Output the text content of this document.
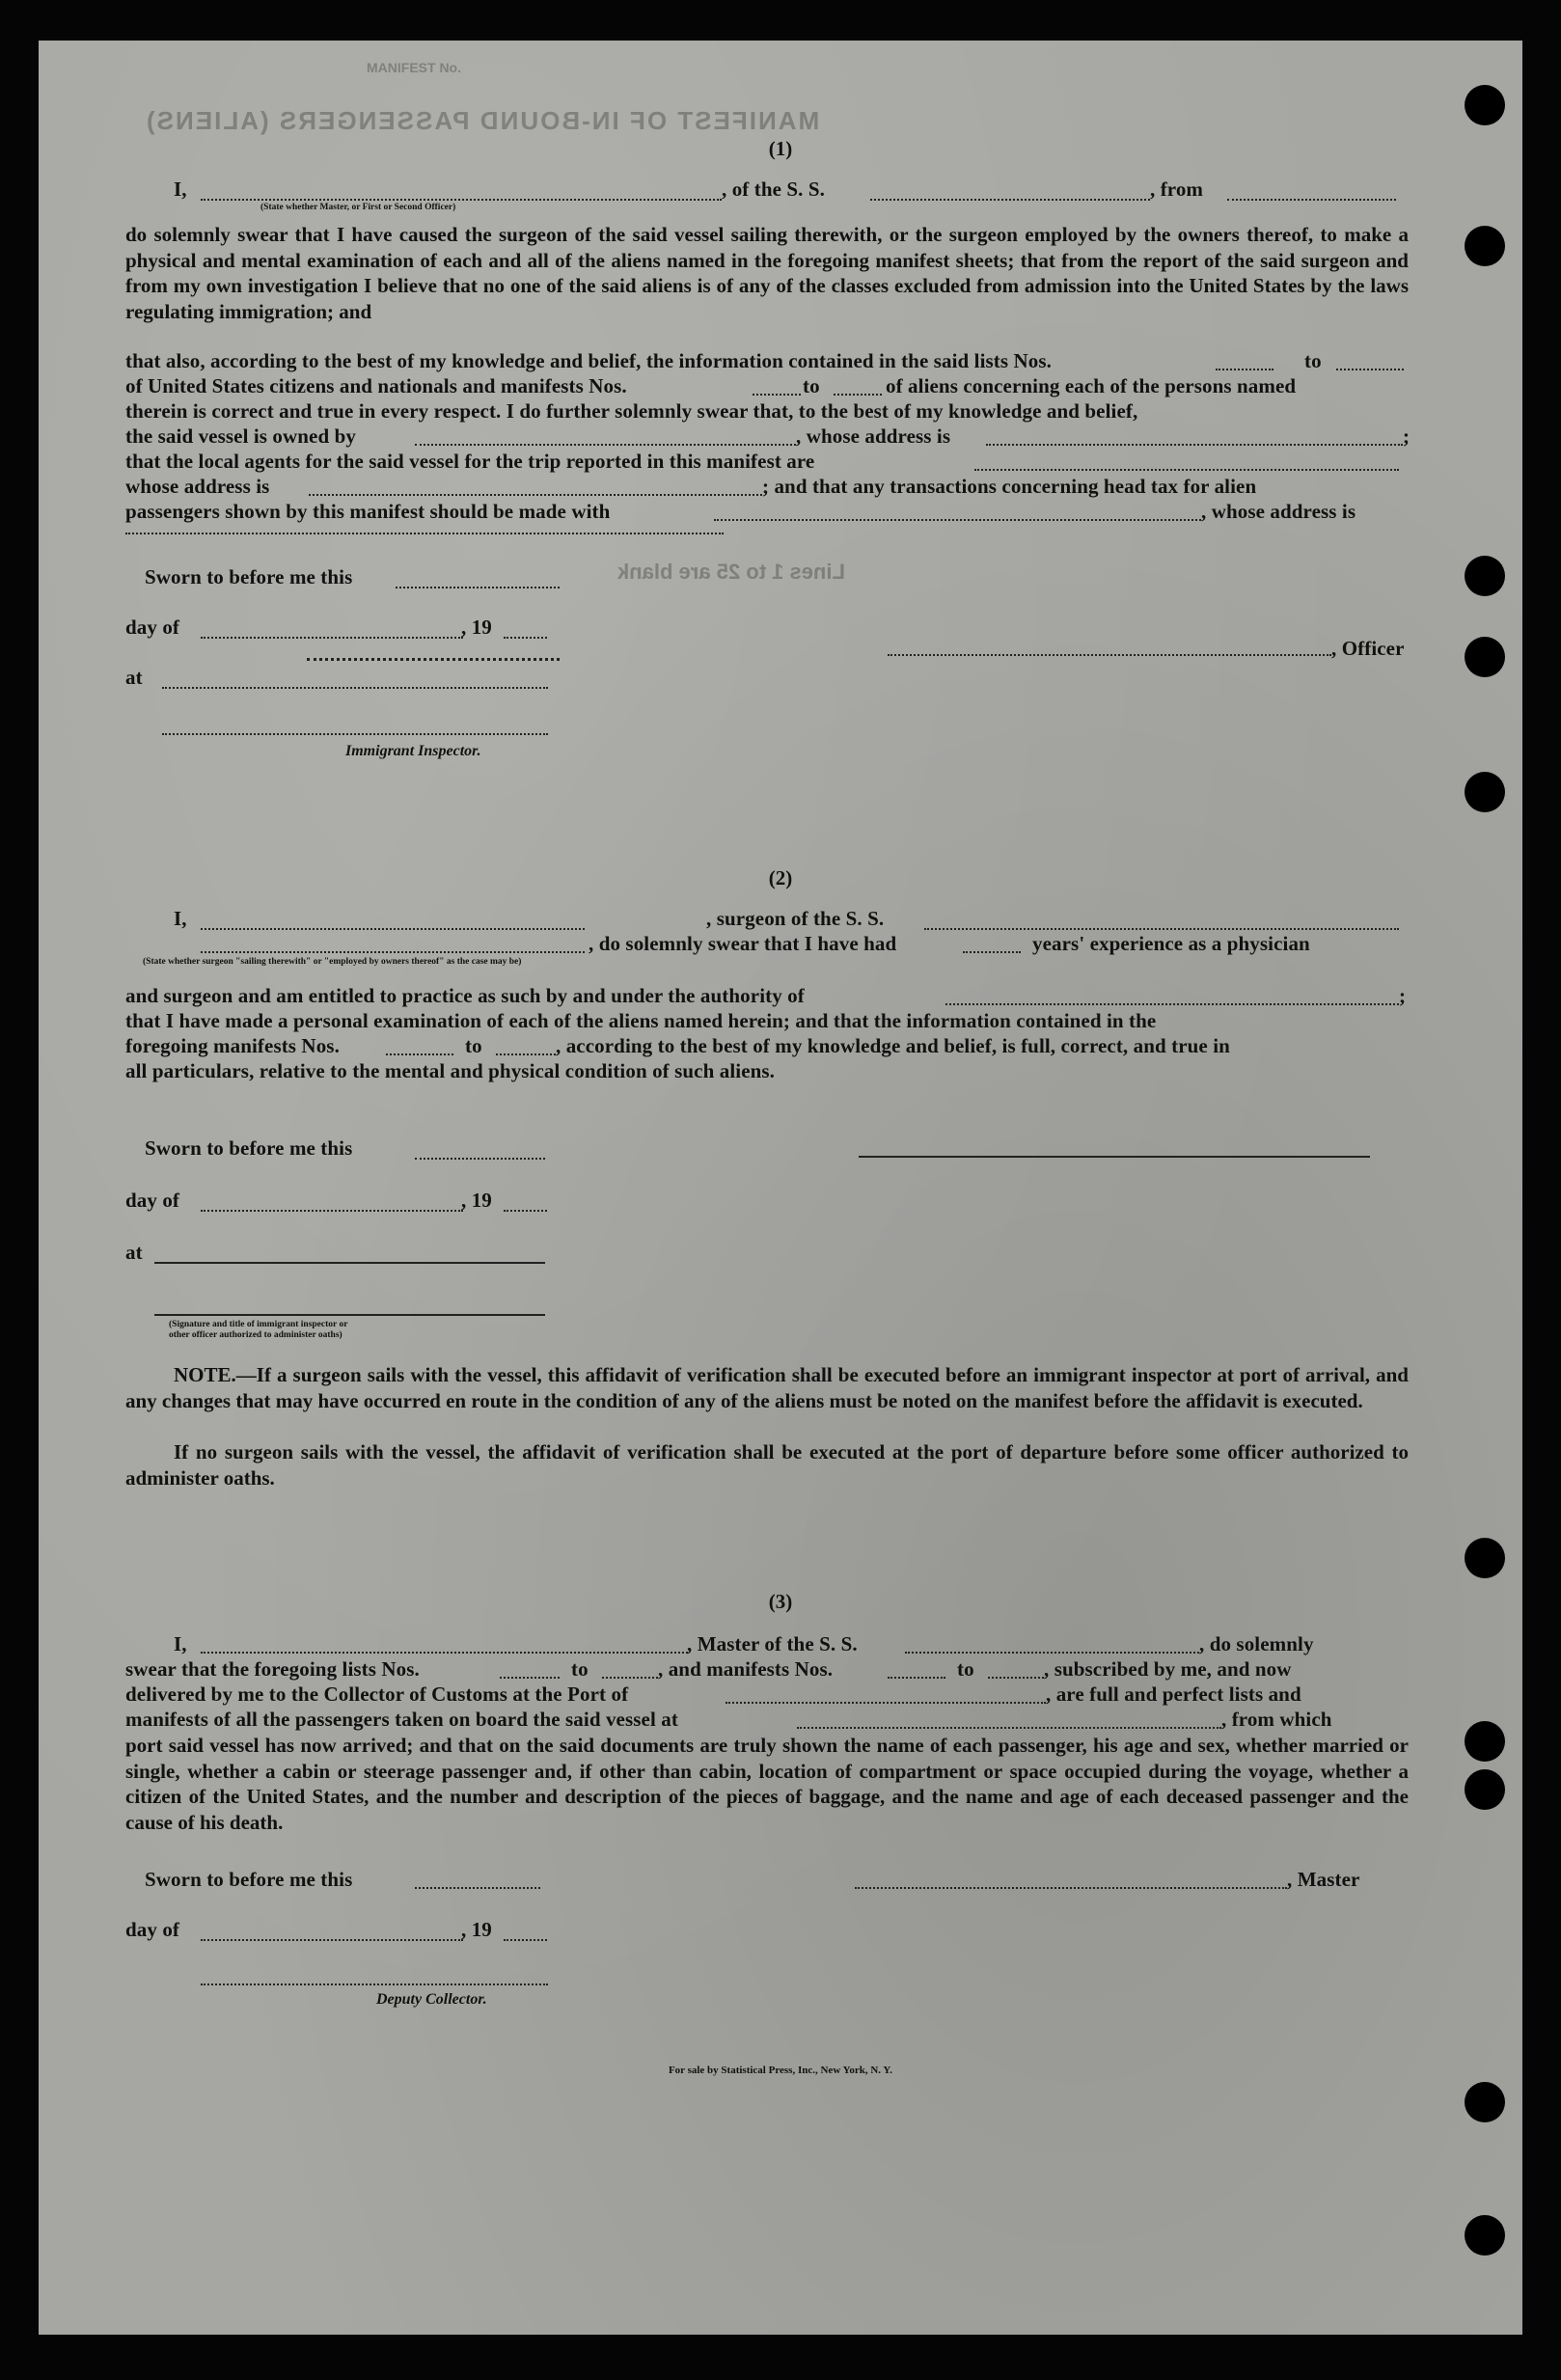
MANIFEST No.
MANIFEST OF IN-BOUND PASSENGERS (ALIENS)
Lines 1 to 25 are blank
(1)
I,	, of the S. S.	, from
(State whether Master, or First or Second Officer)
do solemnly swear that I have caused the surgeon of the said vessel sailing therewith, or the surgeon employed by the owners thereof, to make a physical and mental examination of each and all of the aliens named in the foregoing manifest sheets; that from the report of the said surgeon and from my own investigation I believe that no one of the said aliens is of any of the classes excluded from admission into the United States by the laws regulating immigration; and
that also, according to the best of my knowledge and belief, the information contained in the said lists Nos.	to
of United States citizens and nationals and manifests Nos.	to	of aliens concerning each of the persons named
therein is correct and true in every respect. I do further solemnly swear that, to the best of my knowledge and belief,
the said vessel is owned by	, whose address is	;
that the local agents for the said vessel for the trip reported in this manifest are
whose address is	; and that any transactions concerning head tax for alien
passengers shown by this manifest should be made with	, whose address is
Sworn to before me this
day of	, 19
, Officer
at
Immigrant Inspector.
(2)
I,	, surgeon of the S. S.
, do solemnly swear that I have had	years' experience as a physician
(State whether surgeon "sailing therewith" or "employed by owners thereof" as the case may be)
and surgeon and am entitled to practice as such by and under the authority of	;
that I have made a personal examination of each of the aliens named herein; and that the information contained in the
foregoing manifests Nos.	to	, according to the best of my knowledge and belief, is full, correct, and true in
all particulars, relative to the mental and physical condition of such aliens.
Sworn to before me this
day of	, 19
at
(Signature and title of immigrant inspector or
other officer authorized to administer oaths)
NOTE.—If a surgeon sails with the vessel, this affidavit of verification shall be executed before an immigrant inspector at port of arrival, and any changes that may have occurred en route in the condition of any of the aliens must be noted on the manifest before the affidavit is executed.
If no surgeon sails with the vessel, the affidavit of verification shall be executed at the port of departure before some officer authorized to administer oaths.
(3)
I,	, Master of the S. S.	, do solemnly
swear that the foregoing lists Nos.	to	, and manifests Nos.	to	, subscribed by me, and now
delivered by me to the Collector of Customs at the Port of	, are full and perfect lists and
manifests of all the passengers taken on board the said vessel at	, from which
port said vessel has now arrived; and that on the said documents are truly shown the name of each passenger, his age and sex, whether married or single, whether a cabin or steerage passenger and, if other than cabin, location of compartment or space occupied during the voyage, whether a citizen of the United States, and the number and description of the pieces of baggage, and the name and age of each deceased passenger and the cause of his death.
Sworn to before me this	, Master
day of	, 19
Deputy Collector.
For sale by Statistical Press, Inc., New York, N. Y.
